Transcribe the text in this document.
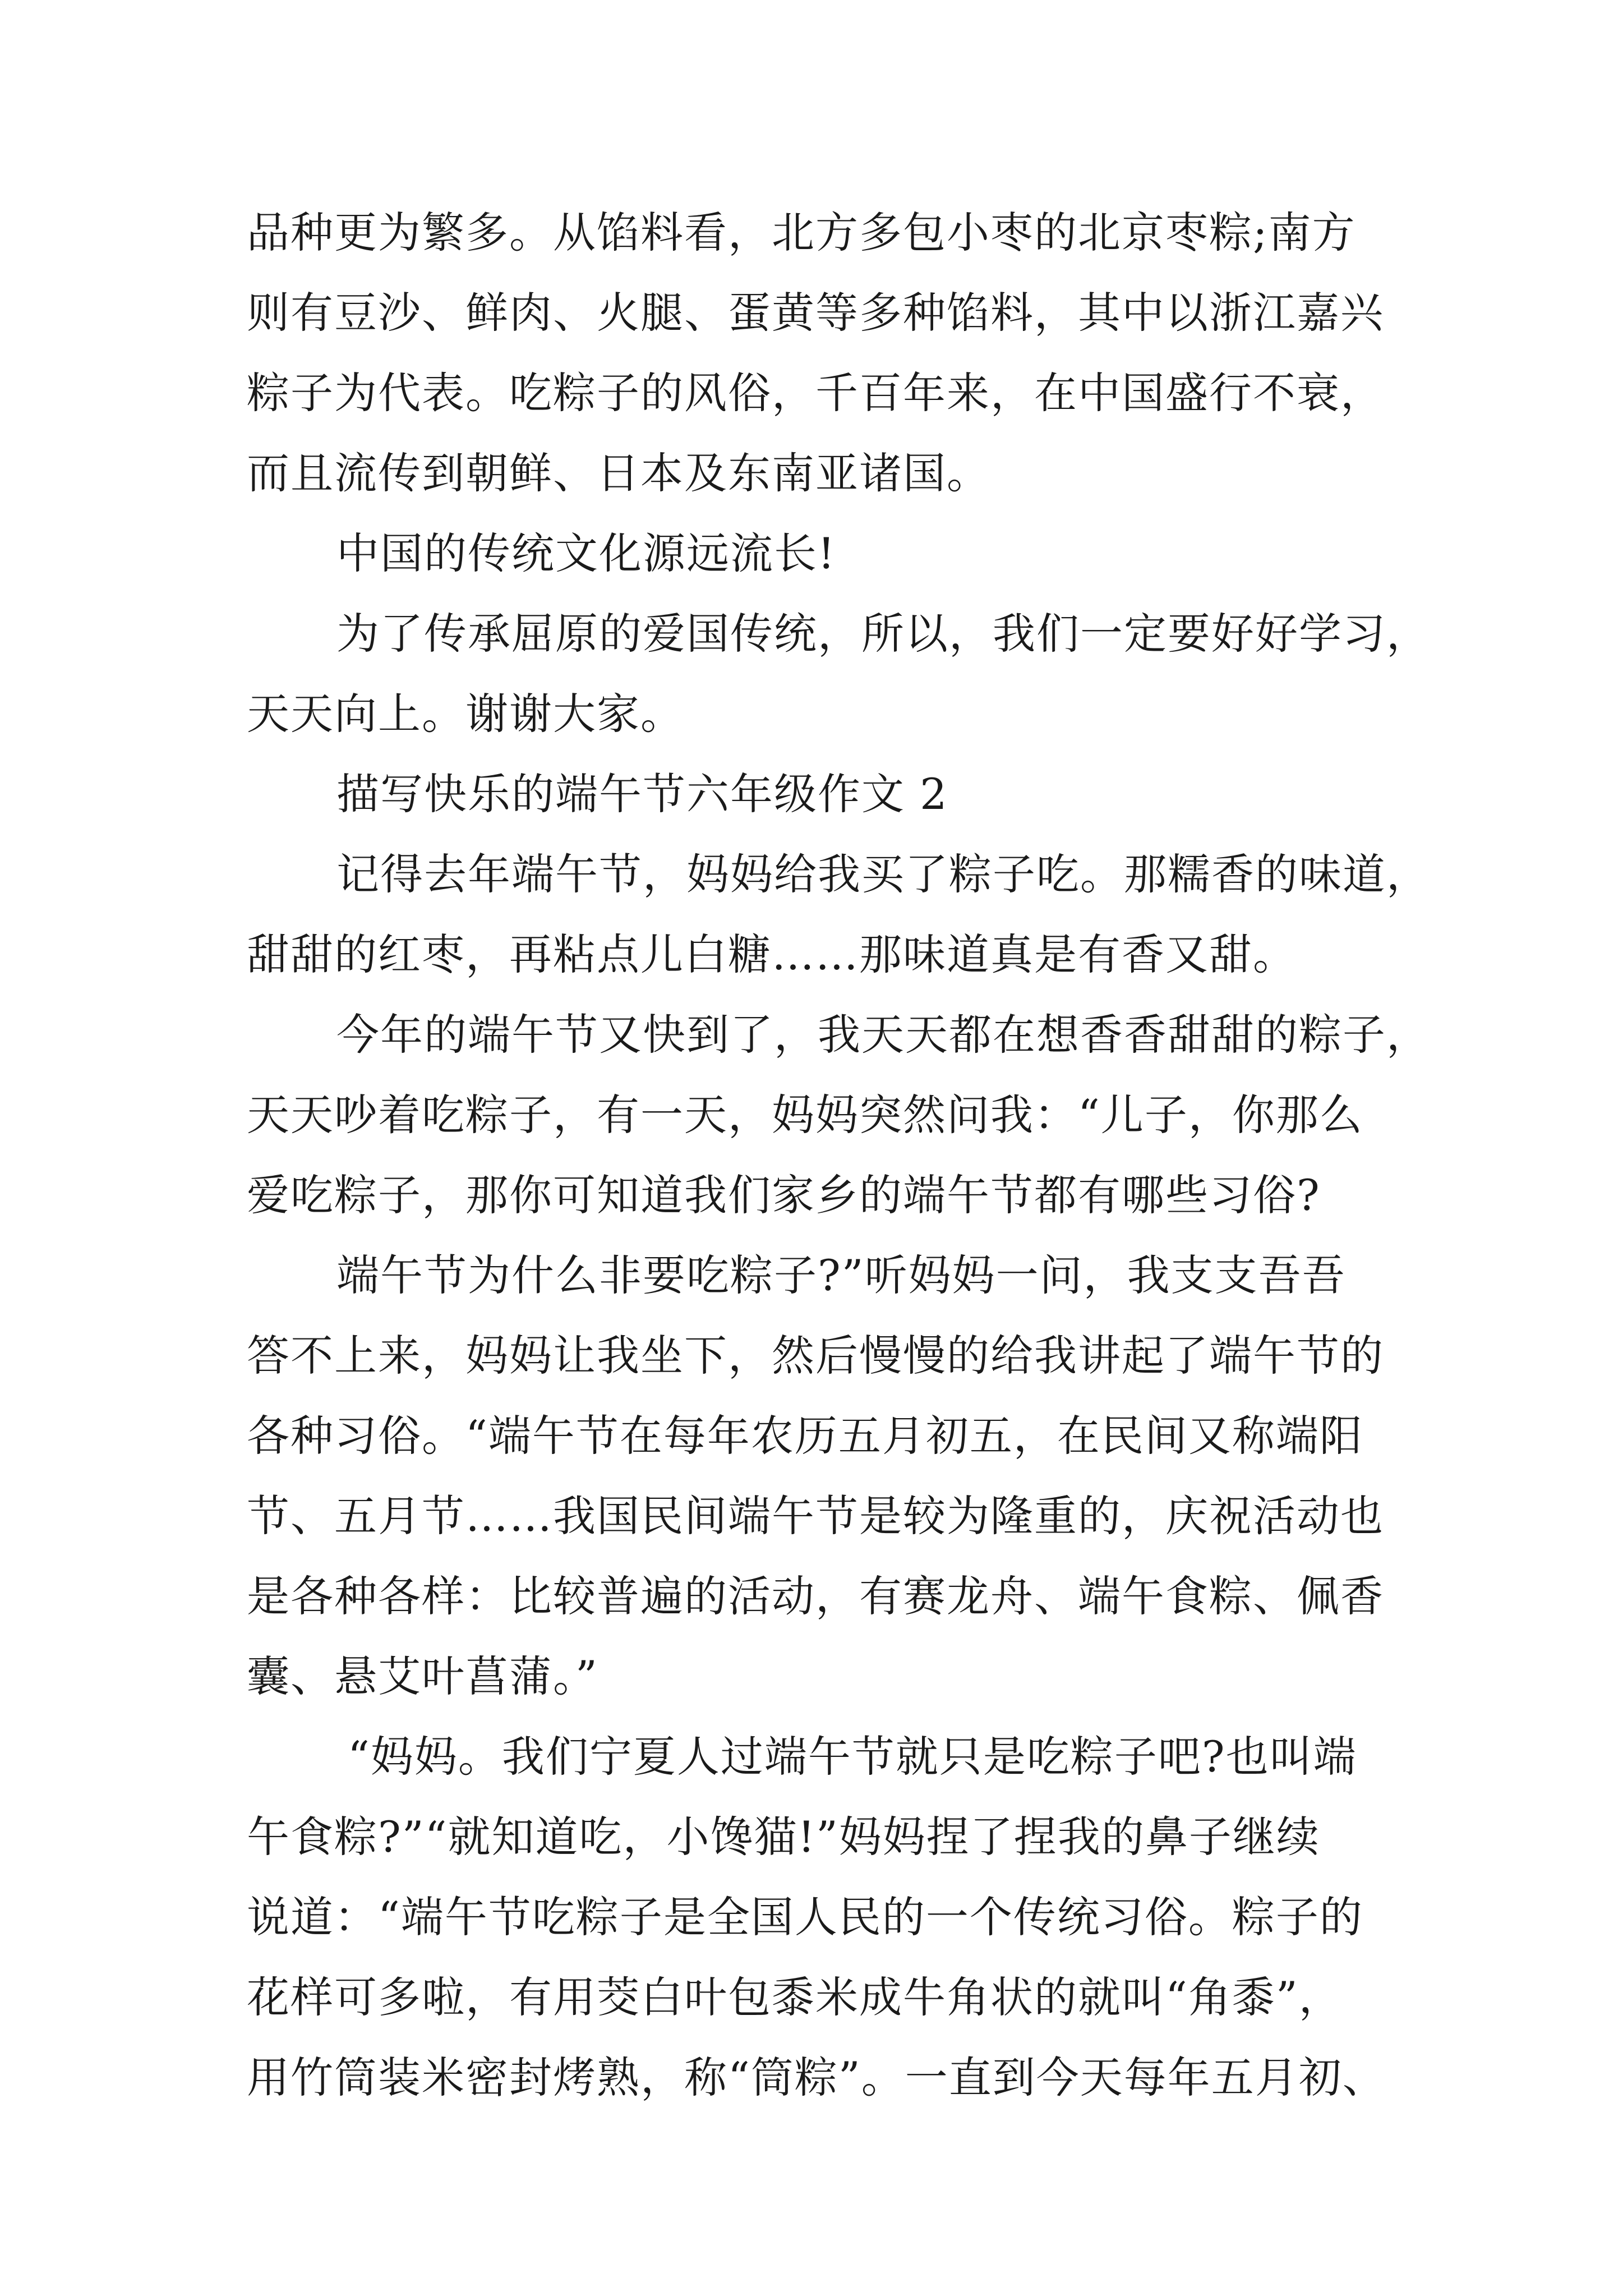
品种更为繁多。从馅料看，北方多包小枣的北京枣粽;南方
则有豆沙、鲜肉、火腿、蛋黄等多种馅料，其中以浙江嘉兴
粽子为代表。吃粽子的风俗，千百年来，在中国盛行不衰，
而且流传到朝鲜、日本及东南亚诸国。
中国的传统文化源远流长!
为了传承屈原的爱国传统，所以，我们一定要好好学习，
天天向上。谢谢大家。
描写快乐的端午节六年级作文 2
记得去年端午节，妈妈给我买了粽子吃。那糯香的味道，
甜甜的红枣，再粘点儿白糖……那味道真是有香又甜。
今年的端午节又快到了，我天天都在想香香甜甜的粽子，
天天吵着吃粽子，有一天，妈妈突然问我：“儿子，你那么
爱吃粽子，那你可知道我们家乡的端午节都有哪些习俗?
端午节为什么非要吃粽子?”听妈妈一问，我支支吾吾
答不上来，妈妈让我坐下，然后慢慢的给我讲起了端午节的
各种习俗。“端午节在每年农历五月初五，在民间又称端阳
节、五月节……我国民间端午节是较为隆重的，庆祝活动也
是各种各样：比较普遍的活动，有赛龙舟、端午食粽、佩香
囊、悬艾叶菖蒲。”
“妈妈。我们宁夏人过端午节就只是吃粽子吧?也叫端
午食粽?”“就知道吃，小馋猫!”妈妈捏了捏我的鼻子继续
说道：“端午节吃粽子是全国人民的一个传统习俗。粽子的
花样可多啦，有用茭白叶包黍米成牛角状的就叫“角黍”，
用竹筒装米密封烤熟，称“筒粽”。一直到今天每年五月初、
